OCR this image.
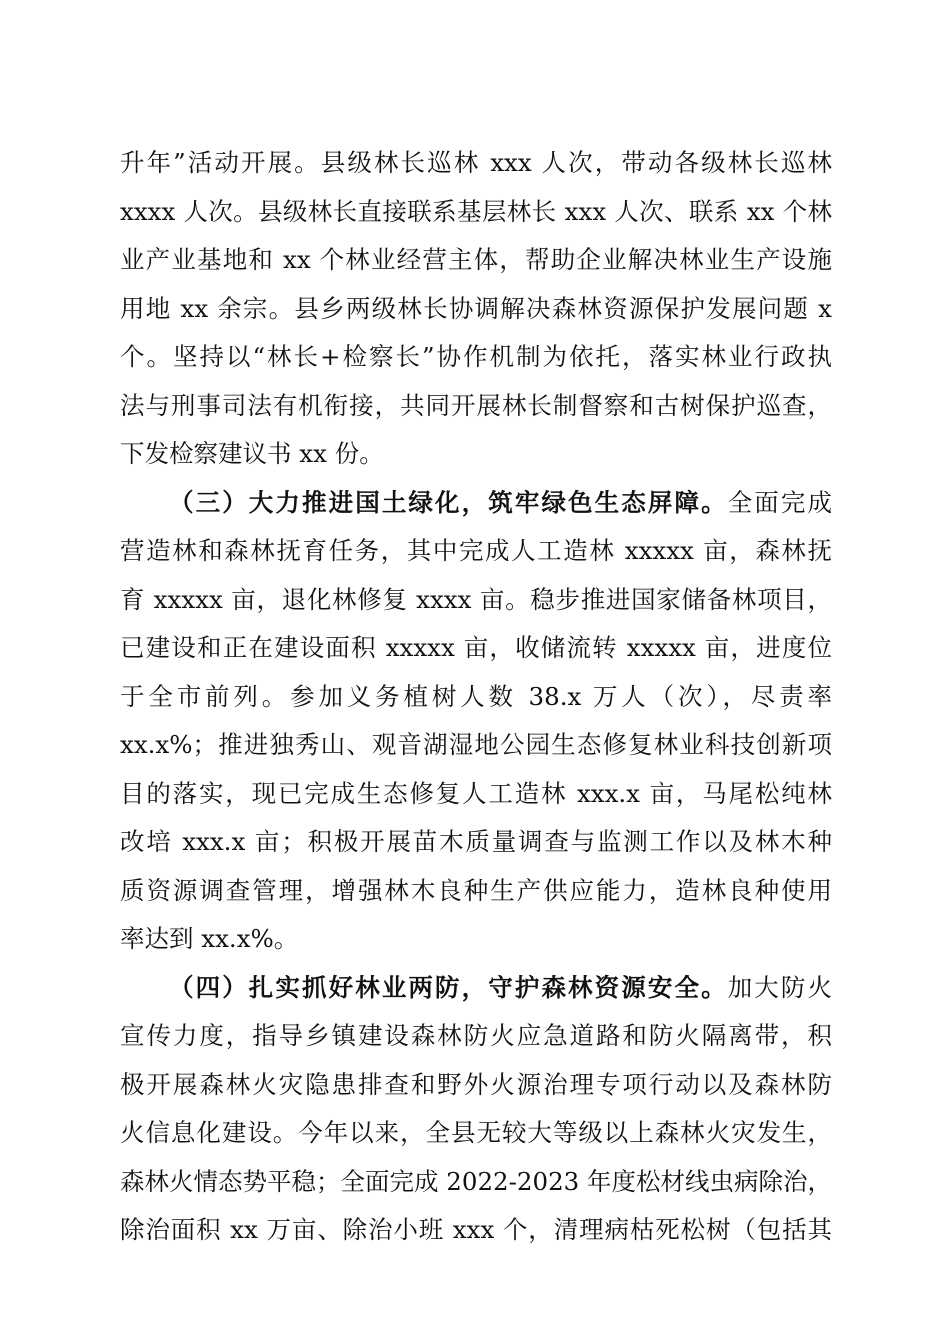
升年”活动开展。县级林长巡林 xxx 人次，带动各级林长巡林
xxxx 人次。县级林长直接联系基层林长 xxx 人次、联系 xx 个林
业产业基地和 xx 个林业经营主体，帮助企业解决林业生产设施
用地 xx 余宗。县乡两级林长协调解决森林资源保护发展问题 x
个。坚持以“林长+检察长”协作机制为依托，落实林业行政执
法与刑事司法有机衔接，共同开展林长制督察和古树保护巡查，
下发检察建议书 xx 份。
（三）大力推进国土绿化，筑牢绿色生态屏障。全面完成
营造林和森林抚育任务，其中完成人工造林 xxxxx 亩，森林抚
育 xxxxx 亩，退化林修复 xxxx 亩。稳步推进国家储备林项目，
已建设和正在建设面积 xxxxx 亩，收储流转 xxxxx 亩，进度位
于全市前列。参加义务植树人数 38.x 万人（次），尽责率
xx.x%；推进独秀山、观音湖湿地公园生态修复林业科技创新项
目的落实，现已完成生态修复人工造林 xxx.x 亩，马尾松纯林
改培 xxx.x 亩；积极开展苗木质量调查与监测工作以及林木种
质资源调查管理，增强林木良种生产供应能力，造林良种使用
率达到 xx.x%。
（四）扎实抓好林业两防，守护森林资源安全。加大防火
宣传力度，指导乡镇建设森林防火应急道路和防火隔离带，积
极开展森林火灾隐患排查和野外火源治理专项行动以及森林防
火信息化建设。今年以来，全县无较大等级以上森林火灾发生，
森林火情态势平稳；全面完成 2022-2023 年度松材线虫病除治，
除治面积 xx 万亩、除治小班 xxx 个，清理病枯死松树（包括其
